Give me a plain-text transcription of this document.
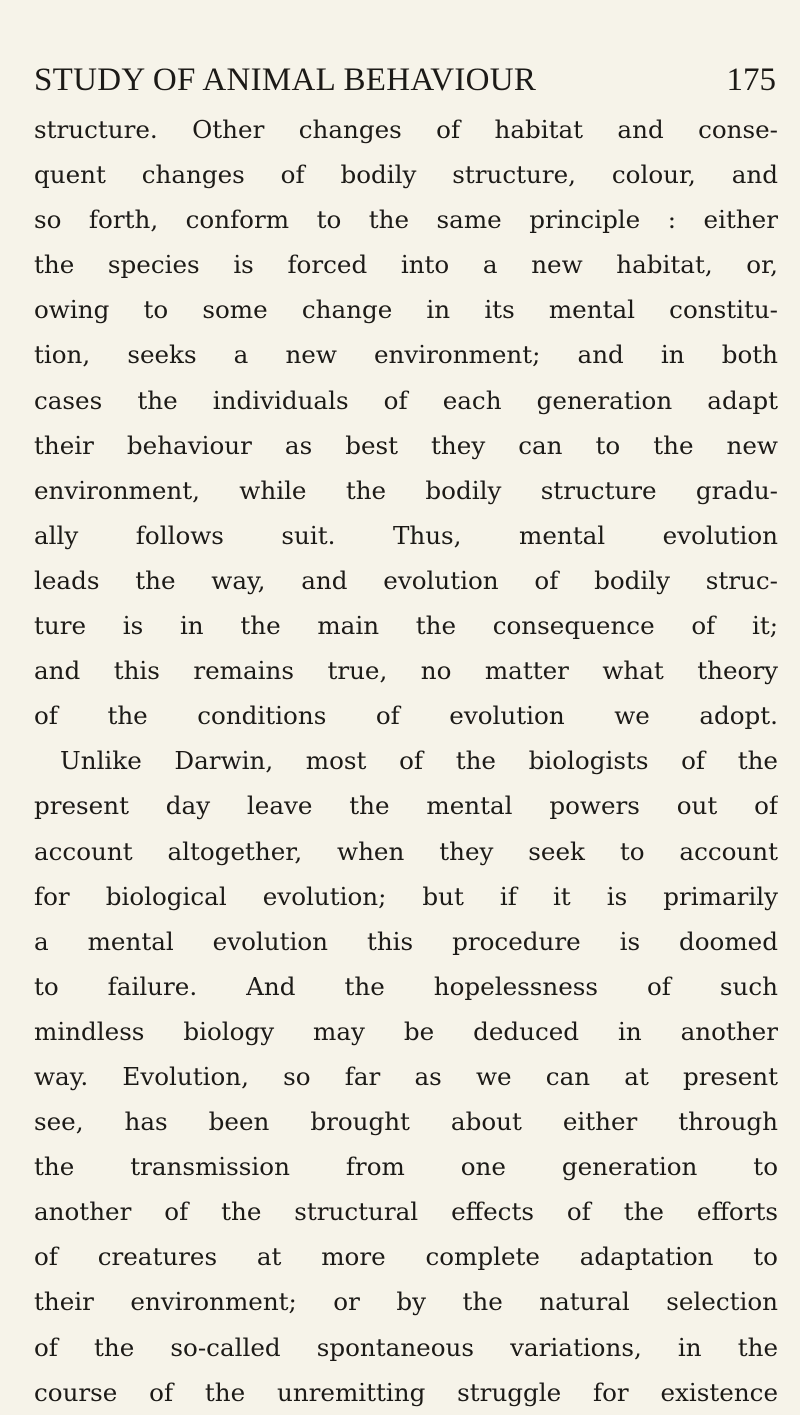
STUDY OF ANIMAL BEHAVIOUR	175
structure. Other changes of habitat and conse-
quent changes of bodily structure, colour, and
so forth, conform to the same principle : either
the species is forced into a new habitat, or,
owing to some change in its mental constitu-
tion, seeks a new environment; and in both
cases the individuals of each generation adapt
their behaviour as best they can to the new
environment, while the bodily structure gradu-
ally follows suit. Thus, mental evolution
leads the way, and evolution of bodily struc-
ture is in the main the consequence of it;
and this remains true, no matter what theory
of the conditions of evolution we adopt.
Unlike Darwin, most of the biologists of the
present day leave the mental powers out of
account altogether, when they seek to account
for biological evolution; but if it is primarily
a mental evolution this procedure is doomed
to failure. And the hopelessness of such
mindless biology may be deduced in another
way. Evolution, so far as we can at present
see, has been brought about either through
the transmission from one generation to
another of the structural effects of the efforts
of creatures at more complete adaptation to
their environment; or by the natural selection
of the so-called spontaneous variations, in the
course of the unremitting struggle for existence
